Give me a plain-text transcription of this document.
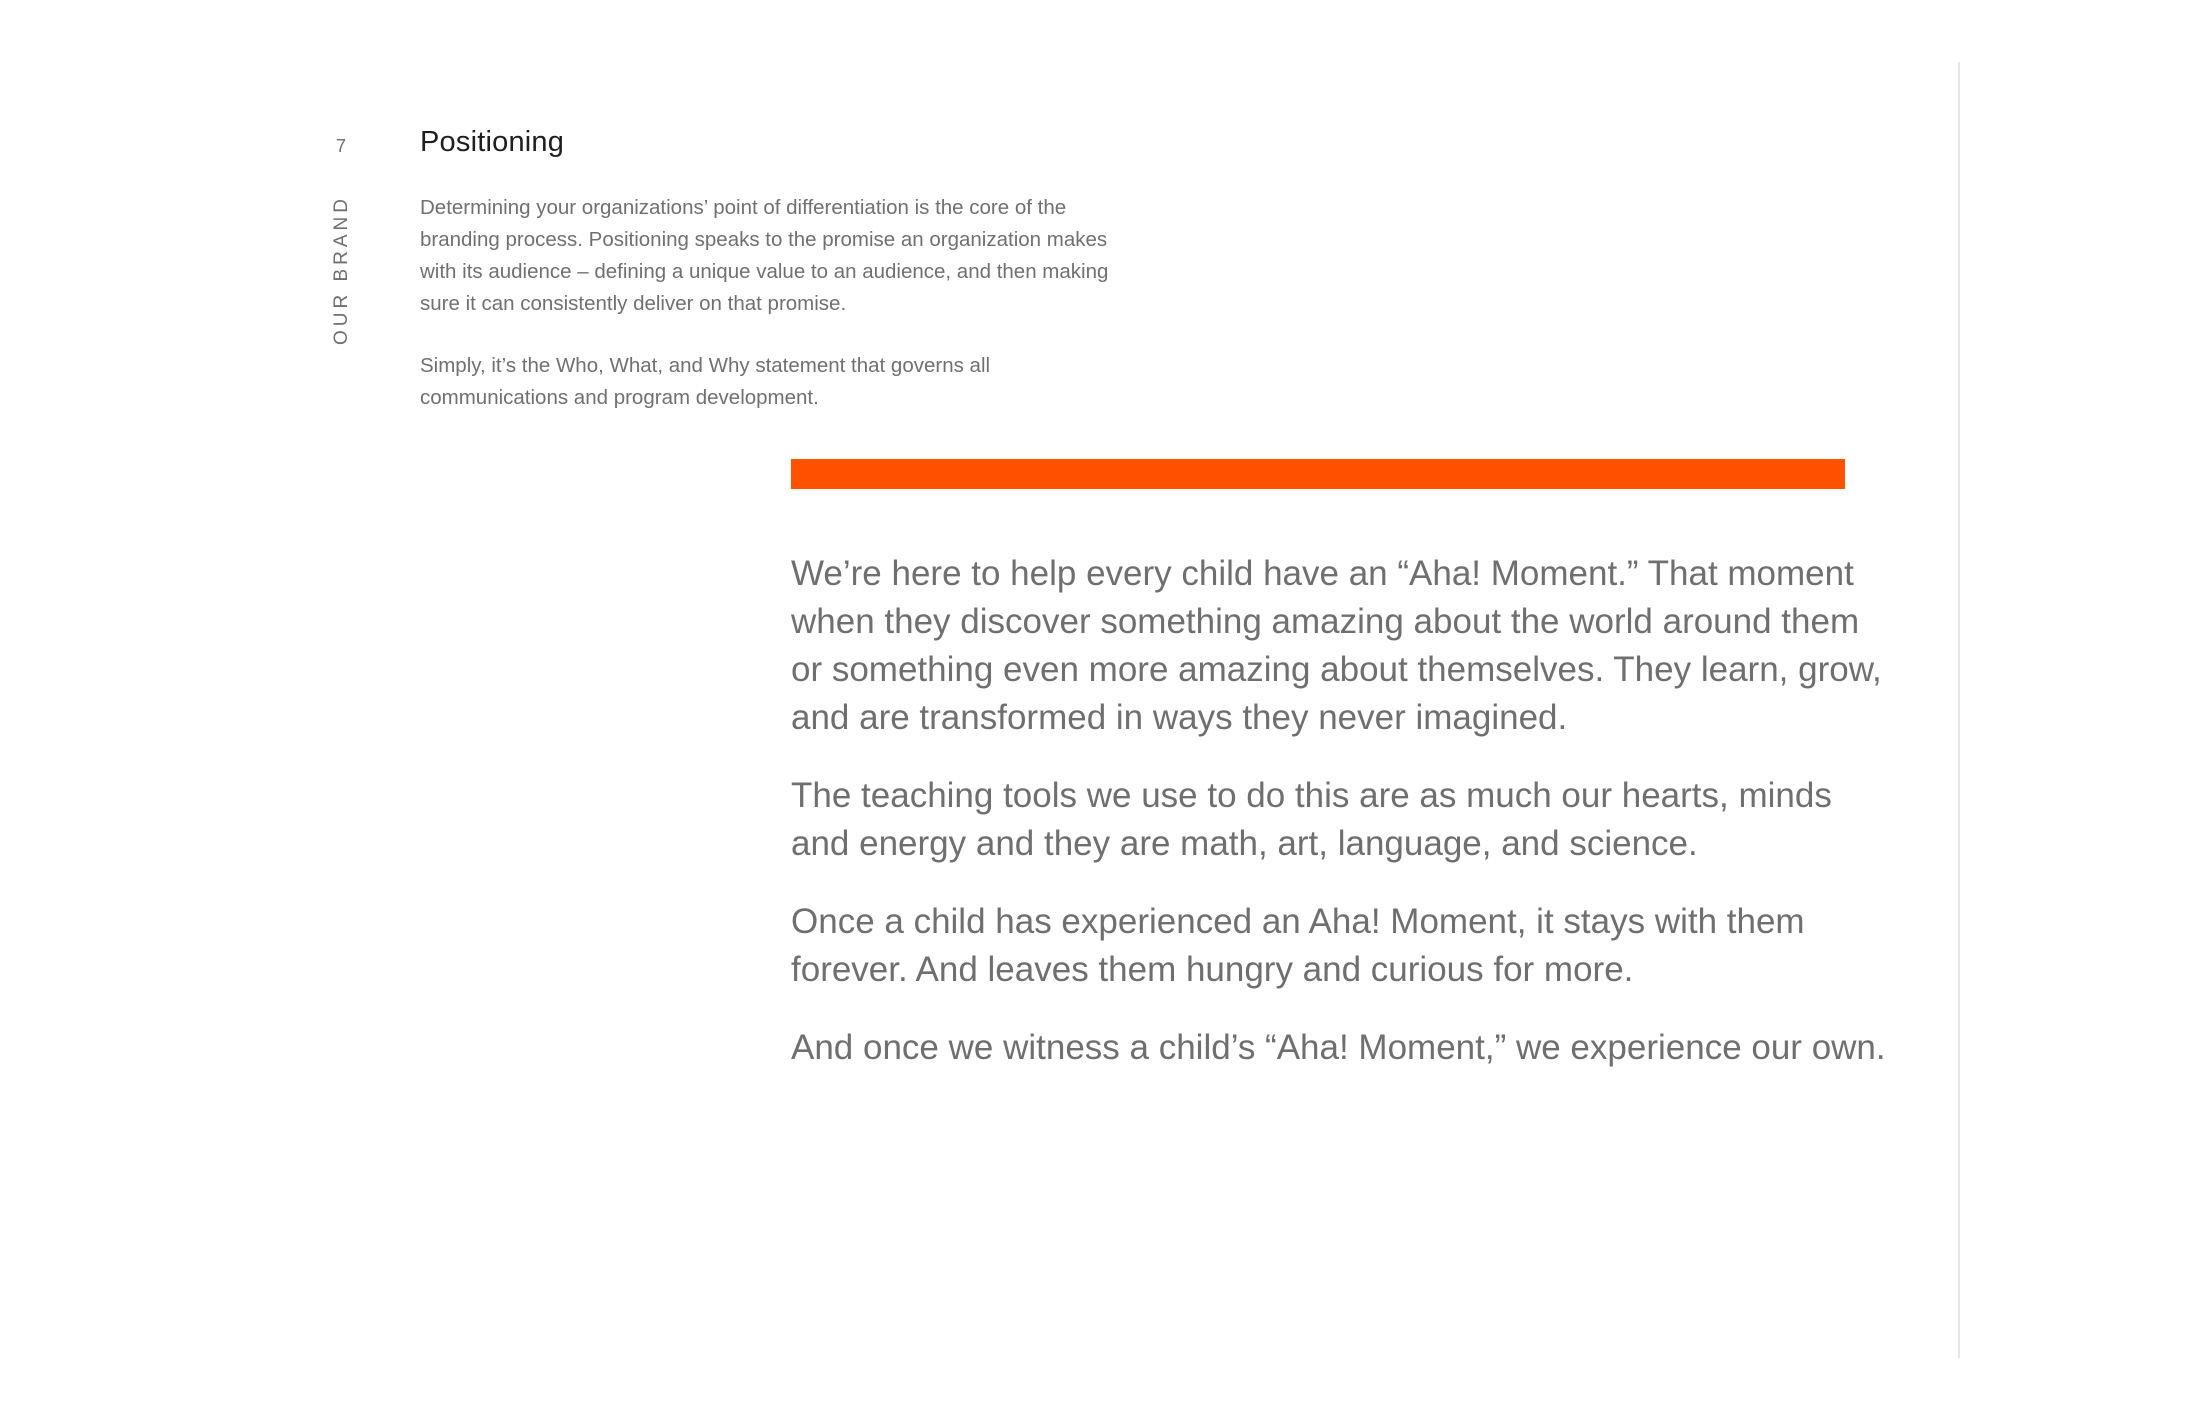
7
OUR BRAND
Positioning

Determining your organizations’ point of differentiation is the core of the branding process. Positioning speaks to the promise an organization makes with its audience – defining a unique value to an audience, and then making sure it can consistently deliver on that promise.

Simply, it’s the Who, What, and Why statement that governs all communications and program development.

We’re here to help every child have an “Aha! Moment.” That moment when they discover something amazing about the world around them or something even more amazing about themselves. They learn, grow, and are transformed in ways they never imagined.

The teaching tools we use to do this are as much our hearts, minds and energy and they are math, art, language, and science.

Once a child has experienced an Aha! Moment, it stays with them forever. And leaves them hungry and curious for more.

And once we witness a child’s “Aha! Moment,” we experience our own.
